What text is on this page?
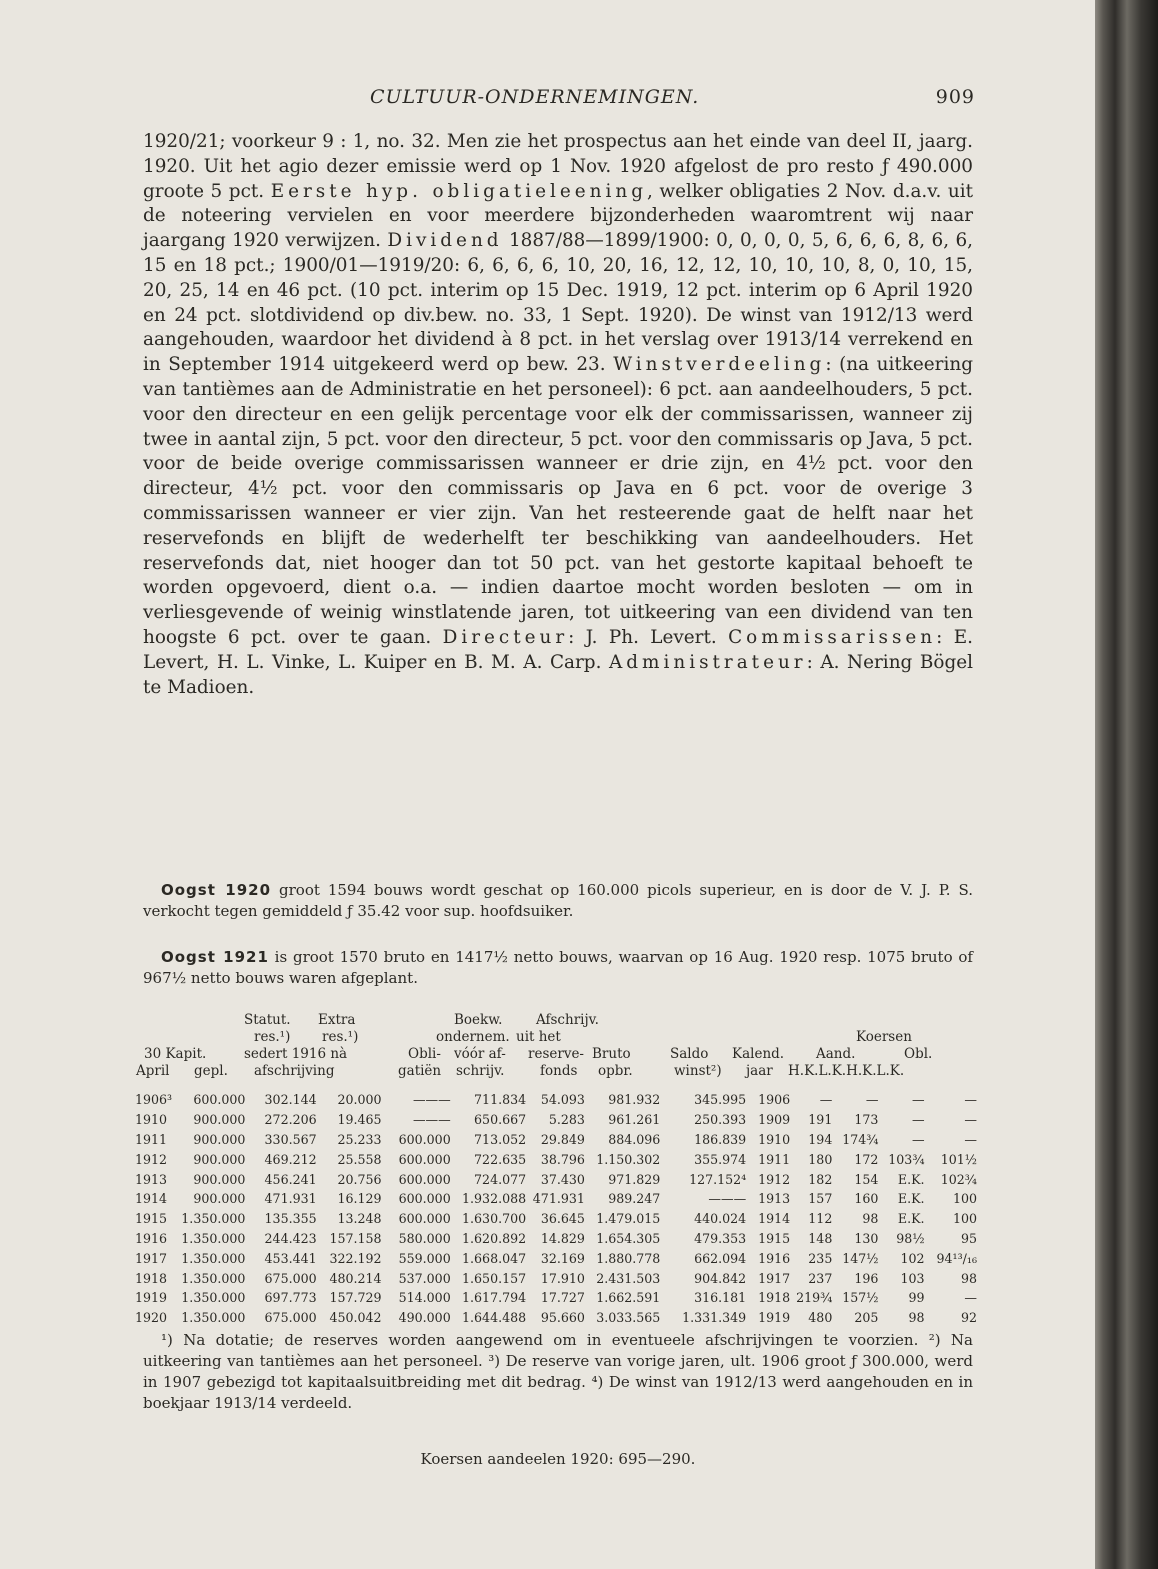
CULTUUR-ONDERNEMINGEN.	909

1920/21; voorkeur 9 : 1, no. 32. Men zie het prospectus aan het einde van deel II, jaarg. 1920. Uit het agio dezer emissie werd op 1 Nov. 1920 afgelost de pro resto ƒ 490.000 groote 5 pct. Eerste hyp. obligatieleening, welker obligaties 2 Nov. d.a.v. uit de noteering vervielen en voor meerdere bijzonderheden waaromtrent wij naar jaargang 1920 verwijzen. Dividend 1887/88—1899/1900: 0, 0, 0, 0, 5, 6, 6, 6, 8, 6, 6, 15 en 18 pct.; 1900/01—1919/20: 6, 6, 6, 6, 10, 20, 16, 12, 12, 10, 10, 10, 8, 0, 10, 15, 20, 25, 14 en 46 pct. (10 pct. interim op 15 Dec. 1919, 12 pct. interim op 6 April 1920 en 24 pct. slotdividend op div.bew. no. 33, 1 Sept. 1920). De winst van 1912/13 werd aangehouden, waardoor het dividend à 8 pct. in het verslag over 1913/14 verrekend en in September 1914 uitgekeerd werd op bew. 23. Winstverdeeling: (na uitkeering van tantièmes aan de Administratie en het personeel): 6 pct. aan aandeelhouders, 5 pct. voor den directeur en een gelijk percentage voor elk der commissarissen, wanneer zij twee in aantal zijn, 5 pct. voor den directeur, 5 pct. voor den commissaris op Java, 5 pct. voor de beide overige commissarissen wanneer er drie zijn, en 4½ pct. voor den directeur, 4½ pct. voor den commissaris op Java en 6 pct. voor de overige 3 commissarissen wanneer er vier zijn. Van het resteerende gaat de helft naar het reservefonds en blijft de wederhelft ter beschikking van aandeelhouders. Het reservefonds dat, niet hooger dan tot 50 pct. van het gestorte kapitaal behoeft te worden opgevoerd, dient o.a. — indien daartoe mocht worden besloten — om in verliesgevende of weinig winstlatende jaren, tot uitkeering van een dividend van ten hoogste 6 pct. over te gaan. Directeur: J. Ph. Levert. Commissarissen: E. Levert, H. L. Vinke, L. Kuiper en B. M. A. Carp. Administrateur: A. Nering Bögel te Madioen.

Oogst 1920 groot 1594 bouws wordt geschat op 160.000 picols superieur, en is door de V. J. P. S. verkocht tegen gemiddeld ƒ 35.42 voor sup. hoofdsuiker.

Oogst 1921 is groot 1570 bruto en 1417½ netto bouws, waarvan op 16 Aug. 1920 resp. 1075 bruto of 967½ netto bouws waren afgeplant.

Statut. Extra	Boekw. Afschrijv.
res.¹) res.¹)	ondernem. uit het	Koersen
30 Kapit.	sedert 1916 nà	Obli- vóór af- reserve- Bruto	Saldo Kalend. Aand.	Obl.
April gepl. afschrijving	gatiën schrijv.	fonds opbr.	winst²) jaar H.K.L.K.H.K.L.K.
1906³	600.000	302.144	20.000	———	711.834	54.093	981.932	345.995	1906	—	—	—	—
1910	900.000	272.206	19.465	———	650.667	5.283	961.261	250.393	1909	191	173	—	—
1911	900.000	330.567	25.233	600.000	713.052	29.849	884.096	186.839	1910	194	174¾	—	—
1912	900.000	469.212	25.558	600.000	722.635	38.796	1.150.302	355.974	1911	180	172	103¾	101½
1913	900.000	456.241	20.756	600.000	724.077	37.430	971.829	127.152⁴	1912	182	154	E.K.	102¾
1914	900.000	471.931	16.129	600.000	1.932.088	471.931	989.247	———	1913	157	160	E.K.	100
1915	1.350.000	135.355	13.248	600.000	1.630.700	36.645	1.479.015	440.024	1914	112	98	E.K.	100
1916	1.350.000	244.423	157.158	580.000	1.620.892	14.829	1.654.305	479.353	1915	148	130	98½	95
1917	1.350.000	453.441	322.192	559.000	1.668.047	32.169	1.880.778	662.094	1916	235	147½	102	94¹³/₁₆
1918	1.350.000	675.000	480.214	537.000	1.650.157	17.910	2.431.503	904.842	1917	237	196	103	98
1919	1.350.000	697.773	157.729	514.000	1.617.794	17.727	1.662.591	316.181	1918	219¾	157½	99	—
1920	1.350.000	675.000	450.042	490.000	1.644.488	95.660	3.033.565	1.331.349	1919	480	205	98	92

¹) Na dotatie; de reserves worden aangewend om in eventueele afschrijvingen te voorzien. ²) Na uitkeering van tantièmes aan het personeel. ³) De reserve van vorige jaren, ult. 1906 groot ƒ 300.000, werd in 1907 gebezigd tot kapitaalsuitbreiding met dit bedrag. ⁴) De winst van 1912/13 werd aangehouden en in boekjaar 1913/14 verdeeld.

Koersen aandeelen 1920: 695—290.
